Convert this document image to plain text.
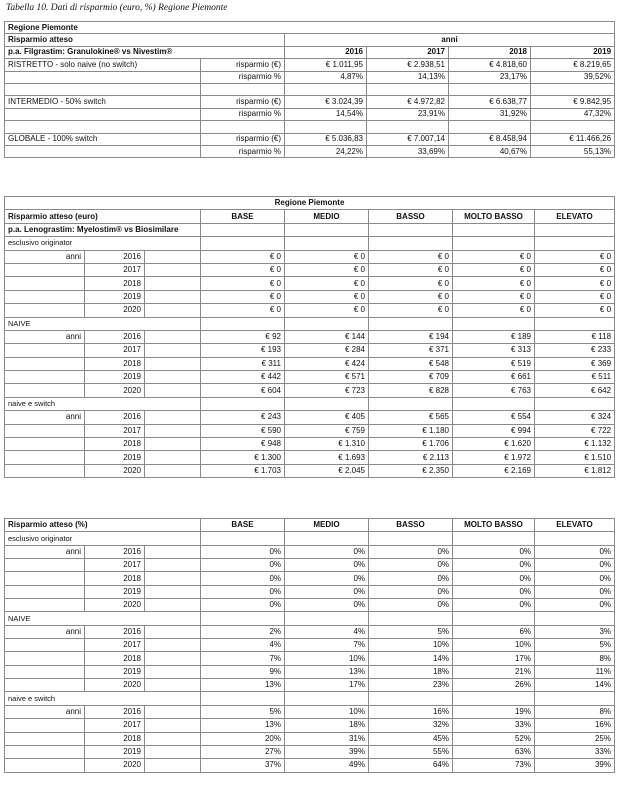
Tabella 10. Dati di risparmio (euro, %) Regione Piemonte
Regione Piemonte					
Risparmio atteso		anni			
p.a. Filgrastim: Granulokine® vs Nivestim®		2016	2017	2018	2019
RISTRETTO - solo naive (no switch)	risparmio (€)	€ 1.011,95	€ 2.938,51	€ 4.818,60	€ 8.219,65
	risparmio %	4,87%	14,13%	23,17%	39,52%

INTERMEDIO - 50% switch	risparmio (€)	€ 3.024,39	€ 4.972,82	€ 6.638,77	€ 9.842,95
	risparmio %	14,54%	23,91%	31,92%	47,32%

GLOBALE - 100% switch	risparmio (€)	€ 5.036,83	€ 7.007,14	€ 8.458,94	€ 11.466,26
	risparmio %	24,22%	33,69%	40,67%	55,13%
Regione Piemonte							
Risparmio atteso (euro)			BASE	MEDIO	BASSO	MOLTO BASSO	ELEVATO
p.a. Lenograstim: Myelostim® vs Biosimilare							
esclusivo originator							
anni	2016		€ 0	€ 0	€ 0	€ 0	€ 0
	2017		€ 0	€ 0	€ 0	€ 0	€ 0
	2018		€ 0	€ 0	€ 0	€ 0	€ 0
	2019		€ 0	€ 0	€ 0	€ 0	€ 0
	2020		€ 0	€ 0	€ 0	€ 0	€ 0
NAIVE							
anni	2016		€ 92	€ 144	€ 194	€ 189	€ 118
	2017		€ 193	€ 284	€ 371	€ 313	€ 233
	2018		€ 311	€ 424	€ 548	€ 519	€ 369
	2019		€ 442	€ 571	€ 709	€ 661	€ 511
	2020		€ 604	€ 723	€ 828	€ 763	€ 642
naive e switch							
anni	2016		€ 243	€ 405	€ 565	€ 554	€ 324
	2017		€ 590	€ 759	€ 1.180	€ 994	€ 722
	2018		€ 948	€ 1.310	€ 1.706	€ 1.620	€ 1.132
	2019		€ 1.300	€ 1.693	€ 2.113	€ 1.972	€ 1.510
	2020		€ 1.703	€ 2.045	€ 2.350	€ 2.169	€ 1.812
Risparmio atteso (%)			BASE	MEDIO	BASSO	MOLTO BASSO	ELEVATO
esclusivo originator							
anni	2016		0%	0%	0%	0%	0%
	2017		0%	0%	0%	0%	0%
	2018		0%	0%	0%	0%	0%
	2019		0%	0%	0%	0%	0%
	2020		0%	0%	0%	0%	0%
NAIVE							
anni	2016		2%	4%	5%	6%	3%
	2017		4%	7%	10%	10%	5%
	2018		7%	10%	14%	17%	8%
	2019		9%	13%	18%	21%	11%
	2020		13%	17%	23%	26%	14%
naive e switch							
anni	2016		5%	10%	16%	19%	8%
	2017		13%	18%	32%	33%	16%
	2018		20%	31%	45%	52%	25%
	2019		27%	39%	55%	63%	33%
	2020		37%	49%	64%	73%	39%
